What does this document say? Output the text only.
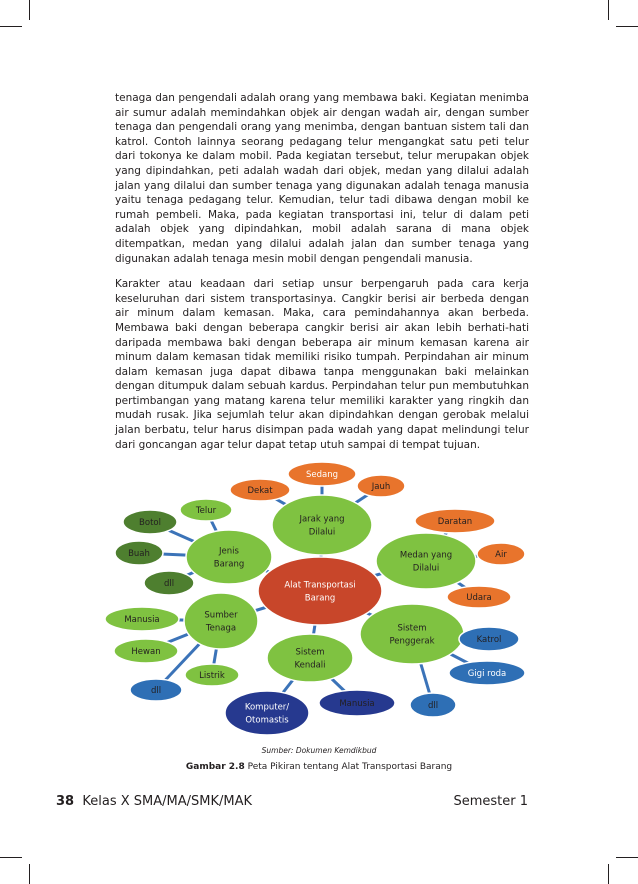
tenaga dan pengendali adalah orang yang membawa baki. Kegiatan menimba air sumur adalah memindahkan objek air dengan wadah air, dengan sumber tenaga dan pengendali orang yang menimba, dengan bantuan sistem tali dan katrol. Contoh lainnya seorang pedagang telur mengangkat satu peti telur dari tokonya ke dalam mobil. Pada kegiatan tersebut, telur merupakan objek yang dipindahkan, peti adalah wadah dari objek, medan yang dilalui adalah jalan yang dilalui dan sumber tenaga yang digunakan adalah tenaga manusia yaitu tenaga pedagang telur. Kemudian, telur tadi dibawa dengan mobil ke rumah pembeli. Maka, pada kegiatan transportasi ini, telur di dalam peti adalah objek yang dipindahkan, mobil adalah sarana di mana objek ditempatkan, medan yang dilalui adalah jalan dan sumber tenaga yang digunakan adalah tenaga mesin mobil dengan pengendali manusia.

Karakter atau keadaan dari setiap unsur berpengaruh pada cara kerja keseluruhan dari sistem transportasinya. Cangkir berisi air berbeda dengan air minum dalam kemasan. Maka, cara pemindahannya akan berbeda. Membawa baki dengan beberapa cangkir berisi air akan lebih berhati-hati daripada membawa baki dengan beberapa air minum kemasan karena air minum dalam kemasan tidak memiliki risiko tumpah. Perpindahan air minum dalam kemasan juga dapat dibawa tanpa menggunakan baki melainkan dengan ditumpuk dalam sebuah kardus. Perpindahan telur pun membutuhkan pertimbangan yang matang karena telur memiliki karakter yang ringkih dan mudah rusak. Jika sejumlah telur akan dipindahkan dengan gerobak melalui jalan berbatu, telur harus disimpan pada wadah yang dapat melindungi telur dari goncangan agar telur dapat tetap utuh sampai di tempat tujuan.

Alat Transportasi
Barang
Jenis
Barang
Telur
Botol
Buah
dll
Jarak yang
Dilalui
Dekat
Sedang
Jauh
Medan yang
Dilalui
Daratan
Air
Udara
Sumber
Tenaga
Manusia
Hewan
Listrik
dll
Sistem
Kendali
Komputer/
Otomastis
Manusia
Sistem
Penggerak	Katrol
Gigi roda
dll
Sumber: Dokumen Kemdikbud
Gambar 2.8 Peta Pikiran tentang Alat Transportasi Barang
38 Kelas X SMA/MA/SMK/MAK	Semester 1
